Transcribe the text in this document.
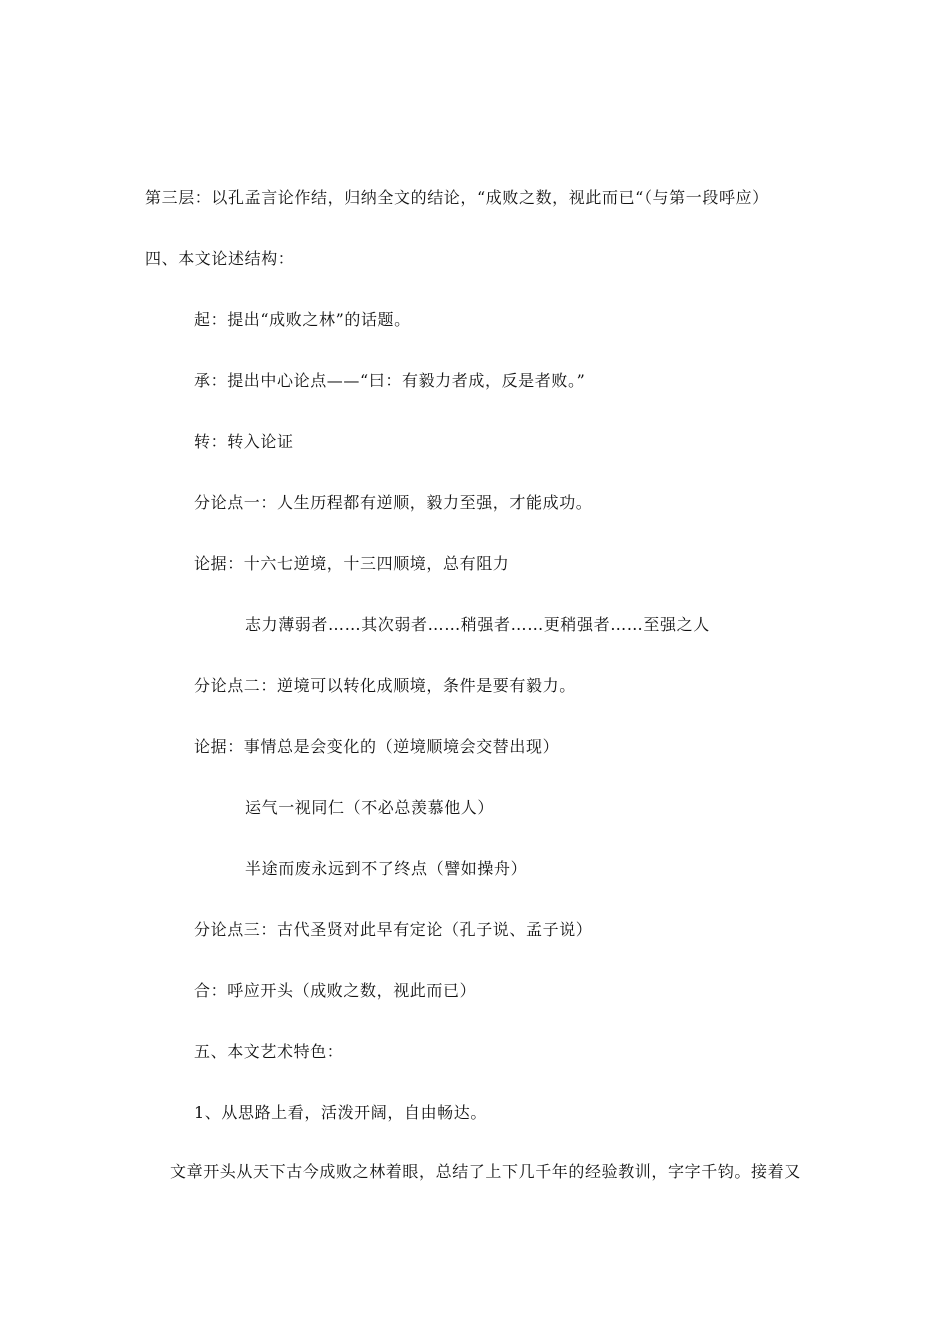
第三层：以孔孟言论作结，归纳全文的结论，“成败之数，视此而已“（与第一段呼应）
四、本文论述结构：
起：提出“成败之林”的话题。
承：提出中心论点——“曰：有毅力者成，反是者败。”
转：转入论证
分论点一：人生历程都有逆顺，毅力至强，才能成功。
论据：十六七逆境，十三四顺境，总有阻力
志力薄弱者……其次弱者……稍强者……更稍强者……至强之人
分论点二：逆境可以转化成顺境，条件是要有毅力。
论据：事情总是会变化的（逆境顺境会交替出现）
运气一视同仁（不必总羡慕他人）
半途而废永远到不了终点（譬如操舟）
分论点三：古代圣贤对此早有定论（孔子说、孟子说）
合：呼应开头（成败之数，视此而已）
五、本文艺术特色：
1、从思路上看，活泼开阔，自由畅达。
文章开头从天下古今成败之林着眼，总结了上下几千年的经验教训，字字千钧。接着又
